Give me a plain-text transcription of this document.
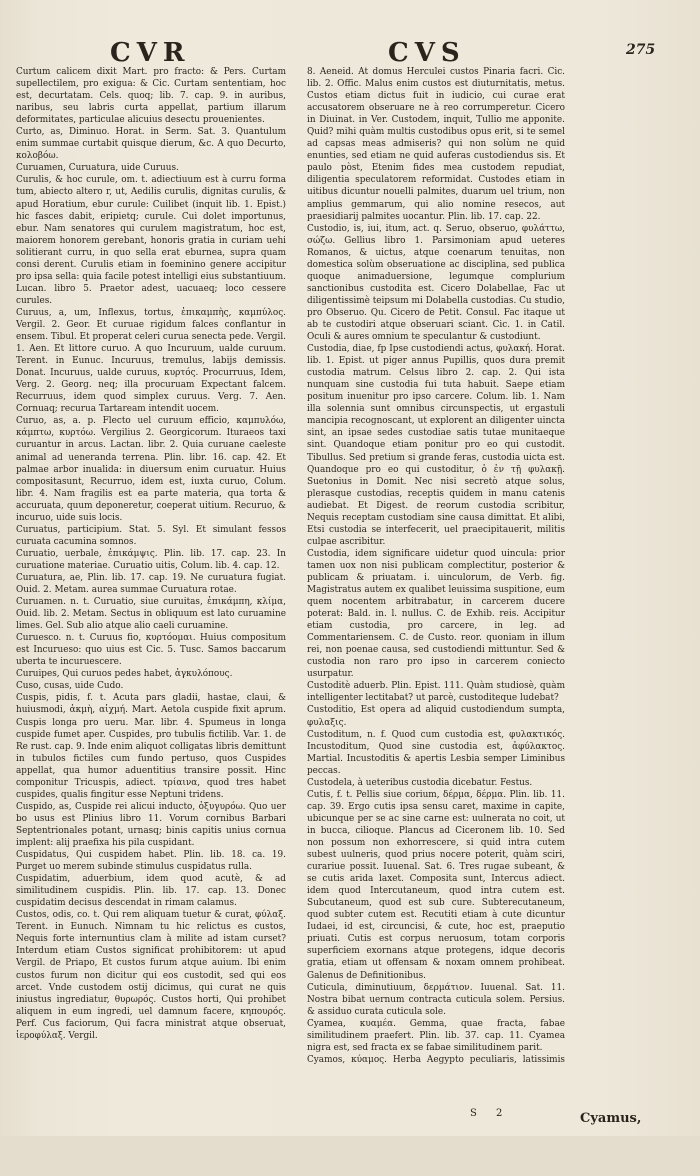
CVR	CVS	275

Curtum calicem dixit Mart. pro fracto: & Pers. Curtam supellectilem, pro exigua: & Cic. Curtam sententiam, hoc est, decurtatam. Cels. quoq; lib. 7. cap. 9. in auribus, naribus, seu labris curta appellat, partium illarum deformitates, particulae alicuius desectu prouenientes.

Curto, as, Diminuo. Horat. in Serm. Sat. 3. Quantulum enim summae curtabit quisque dierum, &c. A quo Decurto, κολοβόω.

Curuamen, Curuatura, uide Curuus.

Curulis, & hoc curule, om. t. adiectiuum est à curru forma tum, abiecto altero r, ut, Aedilis curulis, dignitas curulis, & apud Horatium, ebur curule: Cuilibet (inquit lib. 1. Epist.) hic fasces dabit, eripietq; curule. Cui dolet importunus, ebur. Nam senatores qui curulem magistratum, hoc est, maiorem honorem gerebant, honoris gratia in curiam uehi solitierant curru, in quo sella erat eburnea, supra quam consi derent. Curulis etiam in foeminino genere accipitur pro ipsa sella: quia facile potest intelligi eius substantiuum. Lucan. libro 5. Praetor adest, uacuaeq; loco cessere curules.

Curuus, a, um, Inflexus, tortus, ἐπικαμπὴς, καμπύλος. Vergil. 2. Geor. Et curuae rigidum falces conflantur in ensem. Tibul. Et properat celeri curua senecta pede. Vergil. 1. Aen. Et littore curuo. A quo Incuruum, ualde curuum. Terent. in Eunuc. Incuruus, tremulus, labijs demissis. Donat. Incuruus, ualde curuus, κυρτός. Procurruus, Idem, Verg. 2. Georg. neq; illa procuruam Expectant falcem. Recurruus, idem quod simplex curuus. Verg. 7. Aen. Cornuaq; recurua Tartaream intendit uocem.

Curuo, as, a. p. Flecto uel curuum efficio, καμπυλόω, κάμπτω, κυρτόω. Vergilius 2. Georgicorum. Ituraeos taxi curuantur in arcus. Lactan. libr. 2. Quia curuane caeleste animal ad ueneranda terrena. Plin. libr. 16. cap. 42. Et palmae arbor inualida: in diuersum enim curuatur. Huius compositasunt, Recurruo, idem est, iuxta curuo, Colum. libr. 4. Nam fragilis est ea parte materia, qua torta & accuruata, quum deponeretur, coeperat uitium. Recuruo, & incuruo, uide suis locis.

Curuatus, participium. Stat. 5. Syl. Et simulant fessos curuata cacumina somnos.

Curuatio, uerbale, ἐπικάμψις. Plin. lib. 17. cap. 23. In curuatione materiae. Curuatio uitis, Colum. lib. 4. cap. 12.

Curuatura, ae, Plin. lib. 17. cap. 19. Ne curuatura fugiat. Ouid. 2. Metam. aurea summae Curuatura rotae.

Curuamen. n. t. Curuatio, siue curuitas, ἐπικάμπη, κλίμα, Ouid. lib. 2. Metam. Sectus in obliquum est lato curuamine limes. Gel. Sub alio atque alio caeli curuamine.

Curuesco. n. t. Curuus fio, κυρτόομαι. Huius compositum est Incurueso: quo uius est Cic. 5. Tusc. Samos baccarum uberta te incuruescere.

Curuipes, Qui curuos pedes habet, ἀγκυλόπους.

Cuso, cusas, uide Cudo.

Cuspis, pidis, f. t. Acuta pars gladii, hastae, claui, & huiusmodi, ἀκμὴ, αἰχμή. Mart. Aetola cuspide fixit aprum. Cuspis longa pro ueru. Mar. libr. 4. Spumeus in longa cuspide fumet aper. Cuspides, pro tubulis fictilib. Var. 1. de Re rust. cap. 9. Inde enim aliquot colligatas libris demittunt in tubulos fictiles cum fundo pertuso, quos Cuspides appellat, qua humor aduentitius transire possit. Hinc componitur Tricuspis, adiect. τρίαινα, quod tres habet cuspides, qualis fingitur esse Neptuni tridens.

Cuspido, as, Cuspide rei alicui inducto, ὀξυγυρόω. Quo uer bo usus est Plinius libro 11. Vorum cornibus Barbari Septentrionales potant, urnasq; binis capitis unius cornua implent: alij praefixa his pila cuspidant.

Cuspidatus, Qui cuspidem habet. Plin. lib. 18. ca. 19. Purget uo merem subinde stimulus cuspidatus rulla.

Cuspidatim, aduerbium, idem quod acutè, & ad similitudinem cuspidis. Plin. lib. 17. cap. 13. Donec cuspidatim decisus descendat in rimam calamus.

Custos, odis, co. t. Qui rem aliquam tuetur & curat, φύλαξ. Terent. in Eunuch. Nimnam tu hic relictus es custos, Nequis forte internuntius clam à milite ad istam curset? Interdum etiam Custos significat prohibitorem: ut apud Vergil. de Priapo, Et custos furum atque auium. Ibi enim custos furum non dicitur qui eos custodit, sed qui eos arcet. Vnde custodem ostij dicimus, qui curat ne quis iniustus ingrediatur, θυρωρός. Custos horti, Qui prohibet aliquem in eum ingredi, uel damnum facere, κηπουρός. Perf. Cus faciorum, Qui facra ministrat atque obseruat, ἱεροφύλαξ. Vergil.

8. Aeneid. At domus Herculei custos Pinaria facri. Cic. lib. 2. Offic. Malus enim custos est diuturnitatis, metus. Custos etiam dictus fuit in iudicio, cui curae erat accusatorem obseruare ne à reo corrumperetur. Cicero in Diuinat. in Ver. Custodem, inquit, Tullio me apponite. Quid? mihi quàm multis custodibus opus erit, si te semel ad capsas meas admiseris? qui non solùm ne quid enunties, sed etiam ne quid auferas custodiendus sis. Et paulo pòst, Etenim fides mea custodem repudiat, diligentia speculatorem reformidat. Custodes etiam in uitibus dicuntur nouelli palmites, duarum uel trium, non amplius gemmarum, qui alio nomine resecos, aut praesidiarij palmites uocantur. Plin. lib. 17. cap. 22.

Custodio, is, iui, itum, act. q. Seruo, obseruo, φυλάττω, σώζω. Gellius libro 1. Parsimoniam apud ueteres Romanos, & uictus, atque coenarum tenuitas, non domestica solùm obseruatione ac disciplina, sed publica quoque animaduersione, legumque complurium sanctionibus custodita est. Cicero Dolabellae, Fac ut diligentissimè teipsum mi Dolabella custodias. Cu studio, pro Obseruo. Qu. Cicero de Petit. Consul. Fac itaque ut ab te custodiri atque obseruari sciant. Cic. 1. in Catil. Oculi & aures omnium te speculantur & custodiunt.

Custodia, diae, fp Ipse custodiendi actus, φυλακή. Horat. lib. 1. Epist. ut piger annus Pupillis, quos dura premit custodia matrum. Celsus libro 2. cap. 2. Qui ista nunquam sine custodia fui tuta habuit. Saepe etiam positum inuenitur pro ipso carcere. Colum. lib. 1. Nam illa solennia sunt omnibus circunspectis, ut ergastuli mancipia recognoscant, ut explorent an diligenter uincta sint, an ipsae sedes custodiae satis tutae munitaeque sint. Quandoque etiam ponitur pro eo qui custodit. Tibullus. Sed pretium si grande feras, custodia uicta est. Quandoque pro eo qui custoditur, ὁ ἐν τῇ φυλακῇ. Suetonius in Domit. Nec nisi secretò atque solus, plerasque custodias, receptis quidem in manu catenis audiebat. Et Digest. de reorum custodia scribitur, Nequis receptam custodiam sine causa dimittat. Et alibi, Etsi custodia se interfecerit, uel praecipitauerit, militis culpae ascribitur.

Custodia, idem significare uidetur quod uincula: prior tamen uox non nisi publicam complectitur, posterior & publicam & priuatam. i. uinculorum, de Verb. fig. Magistratus autem ex qualibet leuissima suspitione, eum quem nocentem arbitrabatur, in carcerem ducere poterat: Bald. in. l. nullus. C. de Exhib. reis. Accipitur etiam custodia, pro carcere, in leg. ad Commentariensem. C. de Custo. reor. quoniam in illum rei, non poenae causa, sed custodiendi mittuntur. Sed & custodia non raro pro ipso in carcerem coniecto usurpatur.

Custoditè aduerb. Plin. Epist. 111. Quàm studiosè, quàm intelligenter lectitabat? ut parcè, custoditeque ludebat?

Custoditio, Est opera ad aliquid custodiendum sumpta, φυλαξις.

Custoditum, n. f. Quod cum custodia est, φυλακτικός. Incustoditum, Quod sine custodia est, ἀφύλακτος. Martial. Incustoditis & apertis Lesbia semper Liminibus peccas.

Custodela, à ueteribus custodia dicebatur. Festus.

Cutis, f. t. Pellis siue corium, δέρμα, δέρμα. Plin. lib. 11. cap. 39. Ergo cutis ipsa sensu caret, maxime in capite, ubicunque per se ac sine carne est: uulnerata no coit, ut in bucca, cilioque. Plancus ad Ciceronem lib. 10. Sed non possum non exhorrescere, si quid intra cutem subest uulneris, quod prius nocere poterit, quàm sciri, curariue possit. Iuuenal. Sat. 6. Tres rugae subeant, & se cutis arida laxet. Composita sunt, Intercus adiect. idem quod Intercutaneum, quod intra cutem est. Subcutaneum, quod est sub cure. Subterecutaneum, quod subter cutem est. Recutiti etiam à cute dicuntur Iudaei, id est, circuncisi, & cute, hoc est, praeputio priuati. Cutis est corpus neruosum, totam corporis superficiem exornans atque protegens, idque decoris gratia, etiam ut offensam & noxam omnem prohibeat. Galenus de Definitionibus.

Cuticula, diminutiuum, δερμάτιον. Iuuenal. Sat. 11. Nostra bibat uernum contracta cuticula solem. Persius. & assiduo curata cuticula sole.

Cyamea, κυαμέα. Gemma, quae fracta, fabae similitudinem praefert. Plin. lib. 37. cap. 11. Cyamea nigra est, sed fracta ex se fabae similitudinem parit.

Cyamos, κύαμος. Herba Aegypto peculiaris, latissimis

S 2	Cyamus,
